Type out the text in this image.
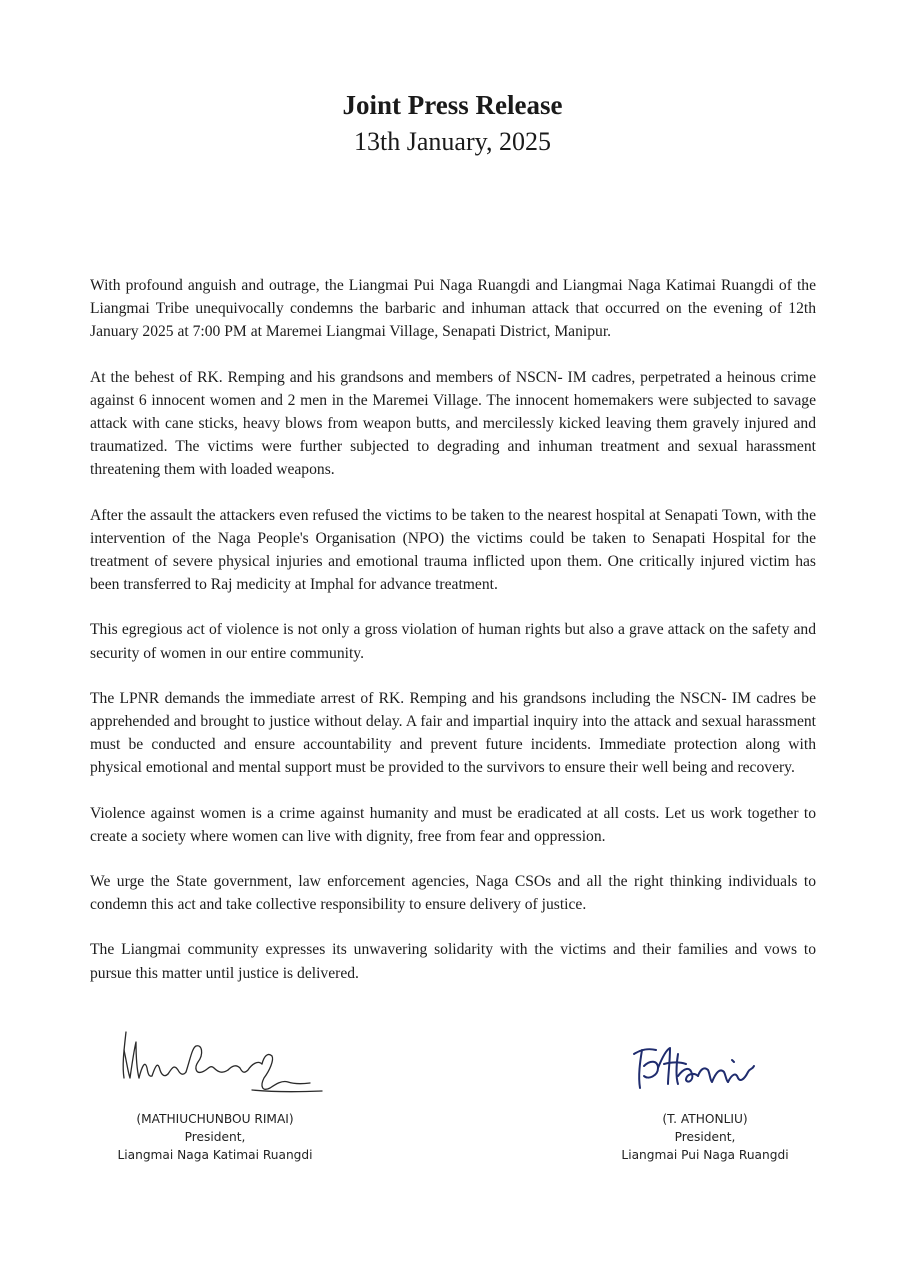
Joint Press Release
13th January, 2025

With profound anguish and outrage, the Liangmai Pui Naga Ruangdi and Liangmai Naga Katimai Ruangdi of the Liangmai Tribe unequivocally condemns the barbaric and inhuman attack that occurred on the evening of 12th January 2025 at 7:00 PM at Maremei Liangmai Village, Senapati District, Manipur.

At the behest of RK. Remping and his grandsons and members of NSCN- IM cadres, perpetrated a heinous crime against 6 innocent women and 2 men in the Maremei Village. The innocent homemakers were subjected to savage attack with cane sticks, heavy blows from weapon butts, and mercilessly kicked leaving them gravely injured and traumatized. The victims were further subjected to degrading and inhuman treatment and sexual harassment threatening them with loaded weapons.

After the assault the attackers even refused the victims to be taken to the nearest hospital at Senapati Town, with the intervention of the Naga People's Organisation (NPO) the victims could be taken to Senapati Hospital for the treatment of severe physical injuries and emotional trauma inflicted upon them. One critically injured victim has been transferred to Raj medicity at Imphal for advance treatment.

This egregious act of violence is not only a gross violation of human rights but also a grave attack on the safety and security of women in our entire community.

The LPNR demands the immediate arrest of RK. Remping and his grandsons including the NSCN- IM cadres be apprehended and brought to justice without delay. A fair and impartial inquiry into the attack and sexual harassment must be conducted and ensure accountability and prevent future incidents. Immediate protection along with physical emotional and mental support must be provided to the survivors to ensure their well being and recovery.

Violence against women is a crime against humanity and must be eradicated at all costs. Let us work together to create a society where women can live with dignity, free from fear and oppression.

We urge the State government, law enforcement agencies, Naga CSOs and all the right thinking individuals to condemn this act and take collective responsibility to ensure delivery of justice.

The Liangmai community expresses its unwavering solidarity with the victims and their families and vows to pursue this matter until justice is delivered.

(MATHIUCHUNBOU RIMAI)
President,
Liangmai Naga Katimai Ruangdi
(T. ATHONLIU)
President,
Liangmai Pui Naga Ruangdi
